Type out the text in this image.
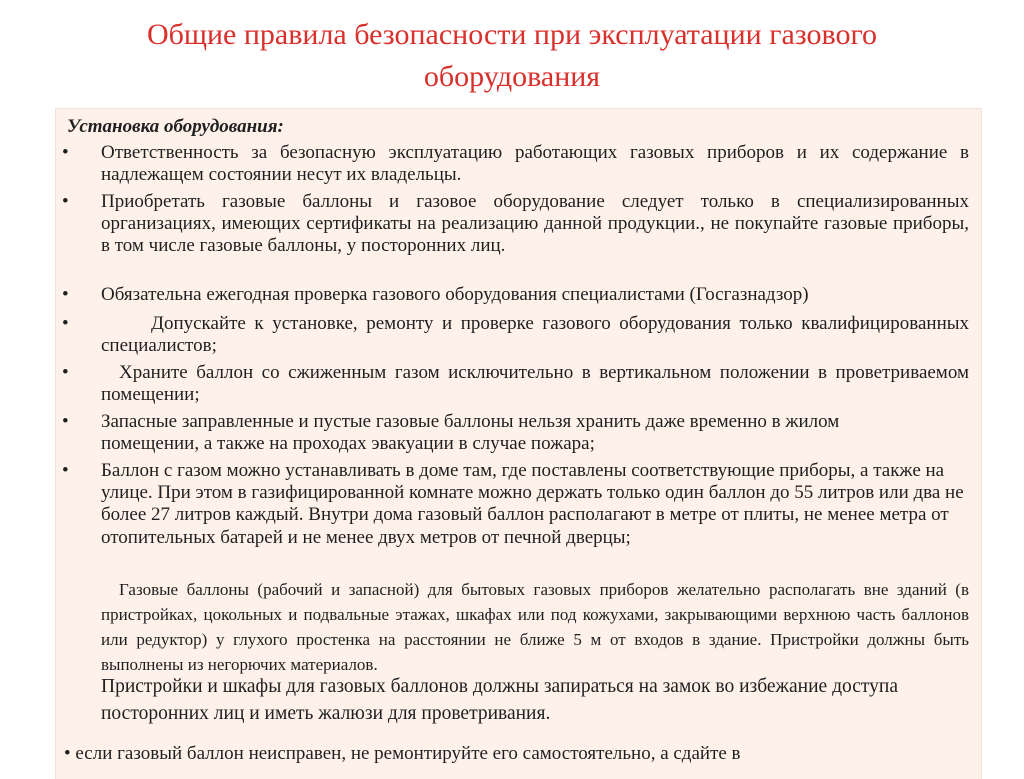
Общие правила безопасности при эксплуатации газового
оборудования
Установка оборудования:
• Ответственность за безопасную эксплуатацию работающих газовых приборов и их содержание в надлежащем состоянии несут их владельцы.
• Приобретать газовые баллоны и газовое оборудование следует только в специализированных организациях, имеющих сертификаты на реализацию данной продукции., не покупайте газовые приборы, в том числе газовые баллоны, у посторонних лиц.
• Обязательна ежегодная проверка газового оборудования специалистами (Госгазнадзор)
•	Допускайте к установке, ремонту и проверке газового оборудования только квалифицированных специалистов;
•	Храните баллон со сжиженным газом исключительно в вертикальном положении в проветриваемом помещении;
• Запасные заправленные и пустые газовые баллоны нельзя хранить даже временно в жилом помещении, а также на проходах эвакуации в случае пожара;
• Баллон с газом можно устанавливать в доме там, где поставлены соответствующие приборы, а также на улице. При этом в газифицированной комнате можно держать только один баллон до 55 литров или два не более 27 литров каждый. Внутри дома газовый баллон располагают в метре от плиты, не менее метра от отопительных батарей и не менее двух метров от печной дверцы;
Газовые баллоны (рабочий и запасной) для бытовых газовых приборов желательно располагать вне зданий (в пристройках, цокольных и подвальные этажах, шкафах или под кожухами, закрывающими верхнюю часть баллонов или редуктор) у глухого простенка на расстоянии не ближе 5 м от входов в здание. Пристройки должны быть выполнены из негорючих материалов.
Пристройки и шкафы для газовых баллонов должны запираться на замок во избежание доступа посторонних лиц и иметь жалюзи для проветривания.
• если газовый баллон неисправен, не ремонтируйте его самостоятельно, а сдайте в
